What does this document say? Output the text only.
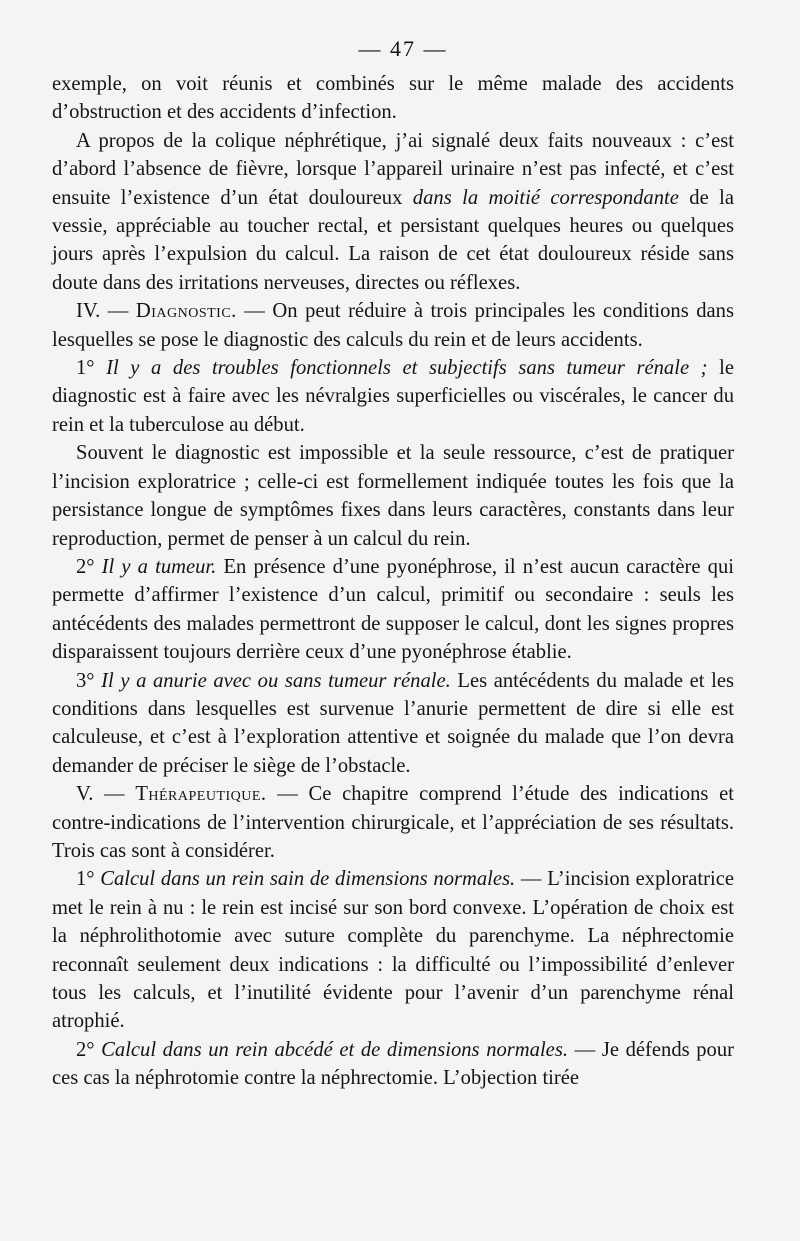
— 47 —

exemple, on voit réunis et combinés sur le même malade des accidents d’obstruction et des accidents d’infection.

A propos de la colique néphrétique, j’ai signalé deux faits nouveaux : c’est d’abord l’absence de fièvre, lorsque l’appareil urinaire n’est pas infecté, et c’est ensuite l’existence d’un état douloureux dans la moitié correspondante de la vessie, appréciable au toucher rectal, et persistant quelques heures ou quelques jours après l’expulsion du calcul. La raison de cet état douloureux réside sans doute dans des irritations nerveuses, directes ou réflexes.

IV. — Diagnostic. — On peut réduire à trois principales les conditions dans lesquelles se pose le diagnostic des calculs du rein et de leurs accidents.

1° Il y a des troubles fonctionnels et subjectifs sans tumeur rénale ; le diagnostic est à faire avec les névralgies superficielles ou viscérales, le cancer du rein et la tuberculose au début.

Souvent le diagnostic est impossible et la seule ressource, c’est de pratiquer l’incision exploratrice ; celle-ci est formellement indiquée toutes les fois que la persistance longue de symptômes fixes dans leurs caractères, constants dans leur reproduction, permet de penser à un calcul du rein.

2° Il y a tumeur. En présence d’une pyonéphrose, il n’est aucun caractère qui permette d’affirmer l’existence d’un calcul, primitif ou secondaire : seuls les antécédents des malades permettront de supposer le calcul, dont les signes propres disparaissent toujours derrière ceux d’une pyonéphrose établie.

3° Il y a anurie avec ou sans tumeur rénale. Les antécédents du malade et les conditions dans lesquelles est survenue l’anurie permettent de dire si elle est calculeuse, et c’est à l’exploration attentive et soignée du malade que l’on devra demander de préciser le siège de l’obstacle.

V. — Thérapeutique. — Ce chapitre comprend l’étude des indications et contre-indications de l’intervention chirurgicale, et l’appréciation de ses résultats. Trois cas sont à considérer.

1° Calcul dans un rein sain de dimensions normales. — L’incision exploratrice met le rein à nu : le rein est incisé sur son bord convexe. L’opération de choix est la néphrolithotomie avec suture complète du parenchyme. La néphrectomie reconnaît seulement deux indications : la difficulté ou l’impossibilité d’enlever tous les calculs, et l’inutilité évidente pour l’avenir d’un parenchyme rénal atrophié.

2° Calcul dans un rein abcédé et de dimensions normales. — Je défends pour ces cas la néphrotomie contre la néphrectomie. L’objection tirée
